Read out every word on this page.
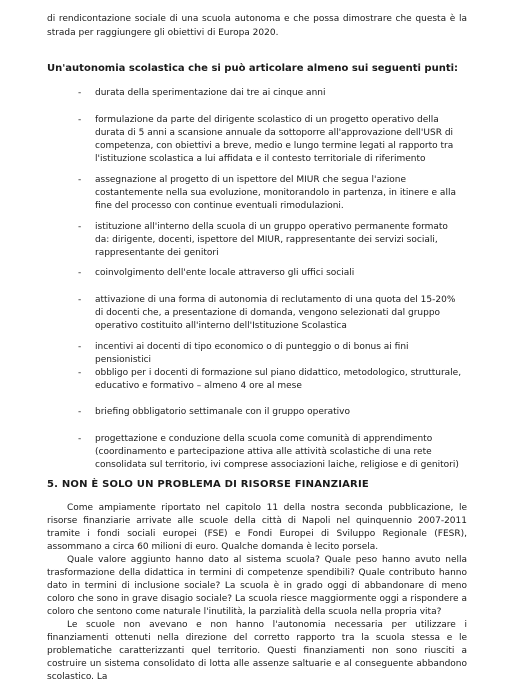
di rendicontazione sociale di una scuola autonoma e che possa dimostrare che questa è la strada per raggiungere gli obiettivi di Europa 2020.
Un'autonomia scolastica che si può articolare almeno sui seguenti punti:
- durata della sperimentazione dai tre ai cinque anni
- formulazione da parte del dirigente scolastico di un progetto operativo della durata di 5 anni a scansione annuale da sottoporre all'approvazione dell'USR di competenza, con obiettivi a breve, medio e lungo termine legati al rapporto tra l'istituzione scolastica a lui affidata e il contesto territoriale di riferimento
- assegnazione al progetto di un ispettore del MIUR che segua l'azione costantemente nella sua evoluzione, monitorandolo in partenza, in itinere e alla fine del processo con continue eventuali rimodulazioni.
- istituzione all'interno della scuola di un gruppo operativo permanente formato da: dirigente, docenti, ispettore del MIUR, rappresentante dei servizi sociali, rappresentante dei genitori
- coinvolgimento dell'ente locale attraverso gli uffici sociali
- attivazione di una forma di autonomia di reclutamento di una quota del 15-20% di docenti che, a presentazione di domanda, vengono selezionati dal gruppo operativo costituito all'interno dell'Istituzione Scolastica
- incentivi ai docenti di tipo economico o di punteggio o di bonus ai fini pensionistici
- obbligo per i docenti di formazione sul piano didattico, metodologico, strutturale, educativo e formativo – almeno 4 ore al mese
- briefing obbligatorio settimanale con il gruppo operativo
- progettazione e conduzione della scuola come comunità di apprendimento (coordinamento e partecipazione attiva alle attività scolastiche di una rete consolidata sul territorio, ivi comprese associazioni laiche, religiose e di genitori)
5. NON È SOLO UN PROBLEMA DI RISORSE FINANZIARIE
Come ampiamente riportato nel capitolo 11 della nostra seconda pubblicazione, le risorse finanziarie arrivate alle scuole della città di Napoli nel quinquennio 2007-2011 tramite i fondi sociali europei (FSE) e Fondi Europei di Sviluppo Regionale (FESR), assommano a circa 60 milioni di euro. Qualche domanda è lecito porsela.
Quale valore aggiunto hanno dato al sistema scuola? Quale peso hanno avuto nella trasformazione della didattica in termini di competenze spendibili? Quale contributo hanno dato in termini di inclusione sociale? La scuola è in grado oggi di abbandonare di meno coloro che sono in grave disagio sociale? La scuola riesce maggiormente oggi a rispondere a coloro che sentono come naturale l'inutilità, la parzialità della scuola nella propria vita?
Le scuole non avevano e non hanno l'autonomia necessaria per utilizzare i finanziamenti ottenuti nella direzione del corretto rapporto tra la scuola stessa e le problematiche caratterizzanti quel territorio. Questi finanziamenti non sono riusciti a costruire un sistema consolidato di lotta alle assenze saltuarie e al conseguente abbandono scolastico. La
